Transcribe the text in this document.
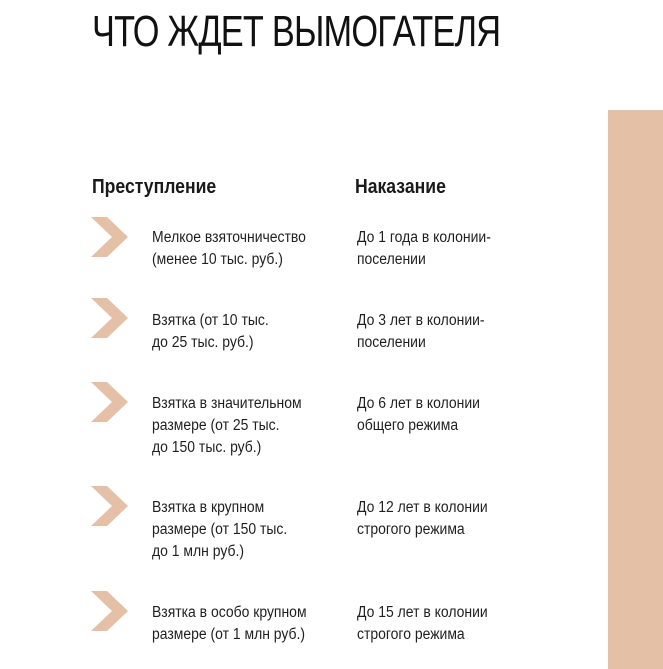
ЧТО ЖДЕТ ВЫМОГАТЕЛЯ
Преступление	Наказание
Мелкое взяточничество
(менее 10 тыс. руб.)
До 1 года в колонии-
поселении
Взятка (от 10 тыс.
до 25 тыс. руб.)
До 3 лет в колонии-
поселении
Взятка в значительном
размере (от 25 тыс.
до 150 тыс. руб.)
До 6 лет в колонии
общего режима
Взятка в крупном
размере (от 150 тыс.
до 1 млн руб.)
До 12 лет в колонии
строгого режима
Взятка в особо крупном
размере (от 1 млн руб.)
До 15 лет в колонии
строгого режима
